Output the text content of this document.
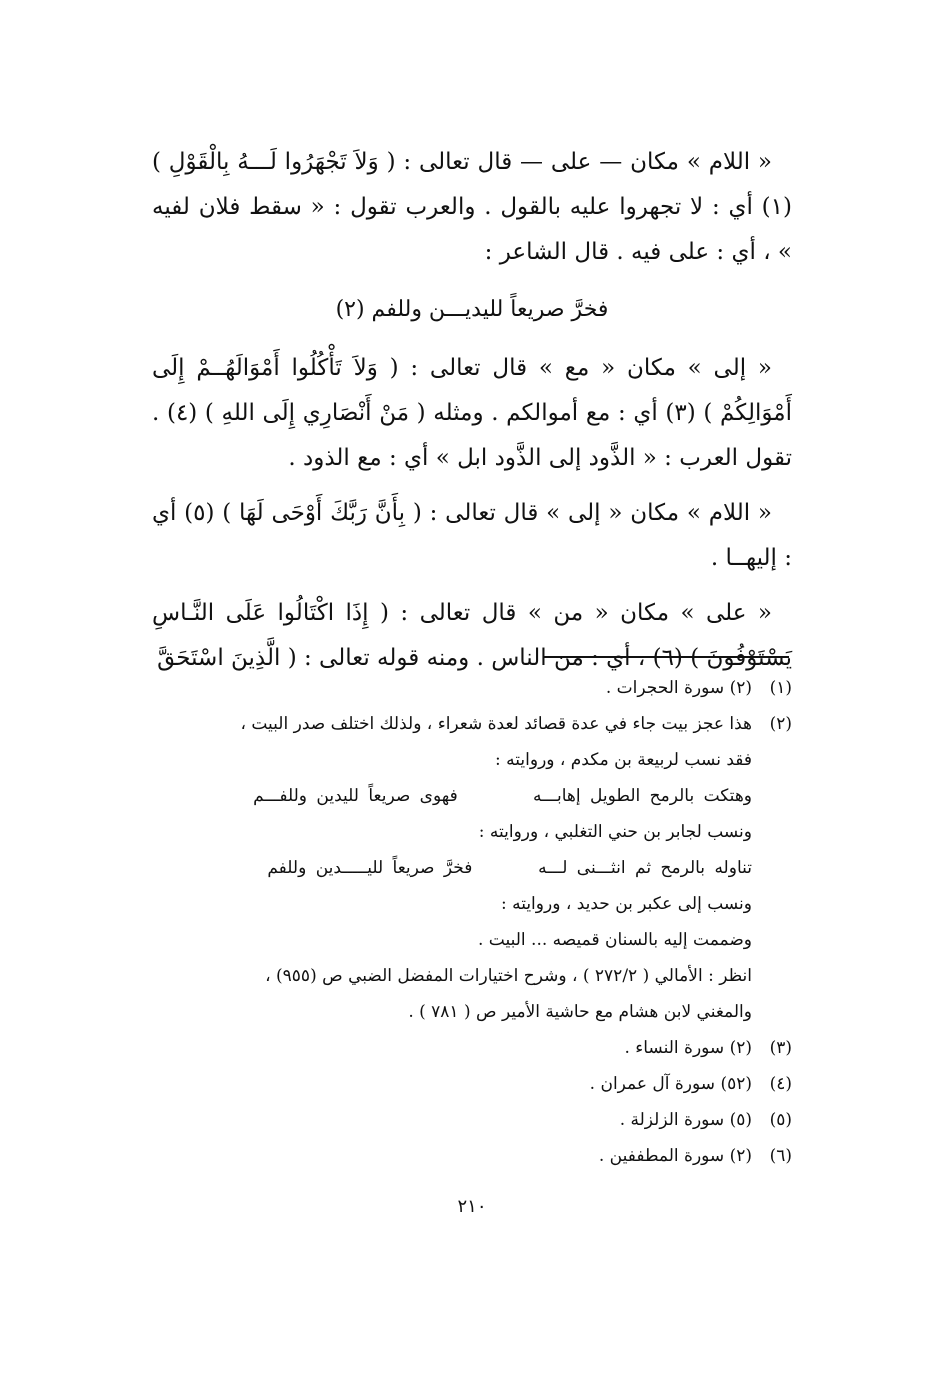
« اللام » مكان — على — قال تعالى : ( وَلاَ تَجْهَرُوا لَـــهُ بِالْقَوْلِ ) (١) أي : لا تجهروا عليه بالقول . والعرب تقول : « سقط فلان لفيه » ، أي : على فيه . قال الشاعر :

فخرَّ صريعاً لليديـــن وللفم (٢)

« إلى » مكان « مع » قال تعالى : ( وَلاَ تَأْكُلُوا أَمْوَالَهُــمْ إِلَى أَمْوَالِكُمْ ) (٣) أي : مع أموالكم . ومثله ( مَنْ أَنْصَارِي إِلَى اللهِ ) (٤) . تقول العرب : « الذَّود إلى الذَّود ابل » أي : مع الذود .

« اللام » مكان « إلى » قال تعالى : ( بِأَنَّ رَبَّكَ أَوْحَى لَهَا ) (٥) أي : إليهــا .

« على » مكان « من » قال تعالى : ( إِذَا اكْتَالُوا عَلَى النَّـاسِ يَسْتَوْفُونَ ) (٦) ، أي : من الناس . ومنه قوله تعالى : ( الَّذِينَ اسْتَحَقَّ

(١)
(٢) سورة الحجرات .
(٢)
هذا عجز بيت جاء في عدة قصائد لعدة شعراء ، ولذلك اختلف صدر البيت ،
فقد نسب لربيعة بن مكدم ، وروايته :
وهتكت بالرمح الطويل إهابـــه        فهوى صريعاً لليدين وللفـــم
ونسب لجابر بن حني التغلبي ، وروايته :
تناوله بالرمح ثم انثـــنى لـــه       فخرَّ صريعاً لليـــــدين وللفم
ونسب إلى عكبر بن حديد ، وروايته :
وضممت إليه بالسنان قميصه ... البيت .
انظر : الأمالي ( ٢٧٢/٢ ) ، وشرح اختيارات المفضل الضبي ص (٩٥٥) ،
والمغني لابن هشام مع حاشية الأمير ص ( ٧٨١ ) .
(٣)
(٢) سورة النساء .
(٤)
(٥٢) سورة آل عمران .
(٥)
(٥) سورة الزلزلة .
(٦)
(٢) سورة المطففين .
٢١٠
